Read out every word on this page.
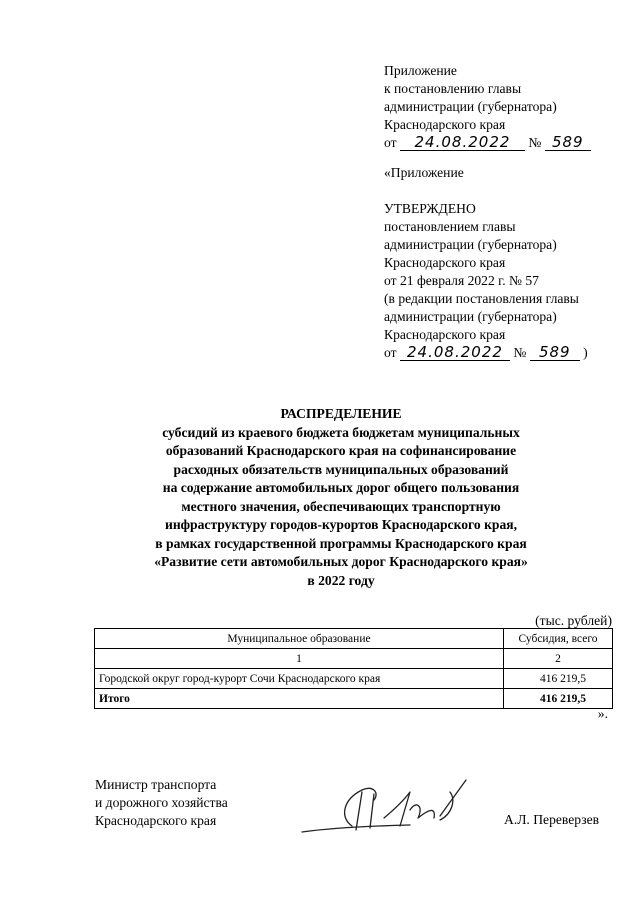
Приложение
к постановлению главы
администрации (губернатора)
Краснодарского края
от 24.08.2022 № 589
«Приложение
УТВЕРЖДЕНО
постановлением главы
администрации (губернатора)
Краснодарского края
от 21 февраля 2022 г. № 57
(в редакции постановления главы
администрации (губернатора)
Краснодарского края
от 24.08.2022 № 589 )
РАСПРЕДЕЛЕНИЕ
субсидий из краевого бюджета бюджетам муниципальных
образований Краснодарского края на софинансирование
расходных обязательств муниципальных образований
на содержание автомобильных дорог общего пользования
местного значения, обеспечивающих транспортную
инфраструктуру городов-курортов Краснодарского края,
в рамках государственной программы Краснодарского края
«Развитие сети автомобильных дорог Краснодарского края»
в 2022 году
(тыс. рублей)
Муниципальное образование	Субсидия, всего
1	2
Городской округ город-курорт Сочи Краснодарского края	416 219,5
Итого	416 219,5
».
Министр транспорта
и дорожного хозяйства
Краснодарского края	А.Л. Переверзев
